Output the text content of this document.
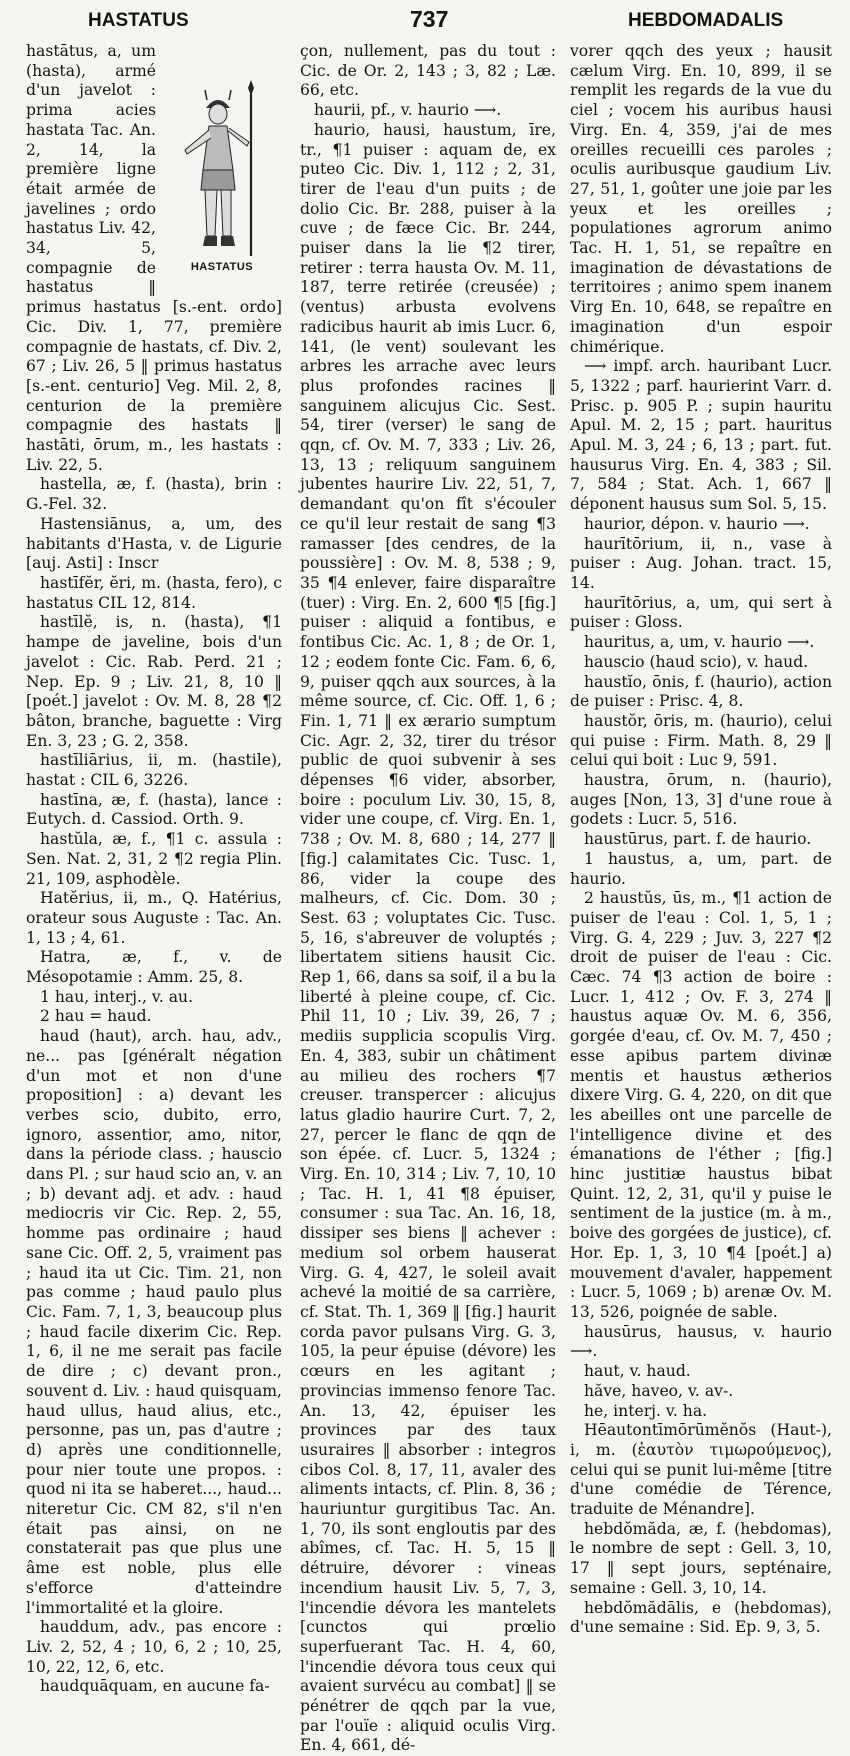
HASTATUS	737	HEBDOMADALIS
HASTATUS

hastātus, a, um (hasta), armé d'un javelot : prima acies hastata Tac. An. 2, 14, la première ligne était armée de javelines ; ordo hastatus Liv. 42, 34, 5, compagnie de hastatus ‖ primus hastatus [s.-ent. ordo] Cic. Div. 1, 77, première compagnie de hastats, cf. Div. 2, 67 ; Liv. 26, 5 ‖ primus hastatus [s.-ent. centurio] Veg. Mil. 2, 8, centurion de la première compagnie des hastats ‖ hastāti, ōrum, m., les hastats : Liv. 22, 5.

hastella, æ, f. (hasta), brin : G.-Fel. 32.

Hastensiānus, a, um, des habitants d'Hasta, v. de Ligurie [auj. Asti] : Inscr

hastīfĕr, ĕri, m. (hasta, fero), c hastatus CIL 12, 814.

hastīlĕ, is, n. (hasta), ¶1 hampe de javeline, bois d'un javelot : Cic. Rab. Perd. 21 ; Nep. Ep. 9 ; Liv. 21, 8, 10 ‖ [poét.] javelot : Ov. M. 8, 28 ¶2 bâton, branche, baguette : Virg En. 3, 23 ; G. 2, 358.

hastīliārius, ii, m. (hastile), hastat : CIL 6, 3226.

hastīna, æ, f. (hasta), lance : Eutych. d. Cassiod. Orth. 9.

hastŭla, æ, f., ¶1 c. assula : Sen. Nat. 2, 31, 2 ¶2 regia Plin. 21, 109, asphodèle.

Hatĕrius, ii, m., Q. Hatérius, orateur sous Auguste : Tac. An. 1, 13 ; 4, 61.

Hatra, æ, f., v. de Mésopotamie : Amm. 25, 8.

1 hau, interj., v. au.

2 hau = haud.

haud (haut), arch. hau, adv., ne... pas [généralt négation d'un mot et non d'une proposition] : a) devant les verbes scio, dubito, erro, ignoro, assentior, amo, nitor, dans la période class. ; hauscio dans Pl. ; sur haud scio an, v. an ; b) devant adj. et adv. : haud mediocris vir Cic. Rep. 2, 55, homme pas ordinaire ; haud sane Cic. Off. 2, 5, vraiment pas ; haud ita ut Cic. Tim. 21, non pas comme ; haud paulo plus Cic. Fam. 7, 1, 3, beaucoup plus ; haud facile dixerim Cic. Rep. 1, 6, il ne me serait pas facile de dire ; c) devant pron., souvent d. Liv. : haud quisquam, haud ullus, haud alius, etc., personne, pas un, pas d'autre ; d) après une conditionnelle, pour nier toute une propos. : quod ni ita se haberet..., haud... niteretur Cic. CM 82, s'il n'en était pas ainsi, on ne constaterait pas que plus une âme est noble, plus elle s'efforce d'atteindre l'immortalité et la gloire.

hauddum, adv., pas encore : Liv. 2, 52, 4 ; 10, 6, 2 ; 10, 25, 10, 22, 12, 6, etc.

haudquāquam, en aucune fa-

çon, nullement, pas du tout : Cic. de Or. 2, 143 ; 3, 82 ; Læ. 66, etc.

haurii, pf., v. haurio ⟶.

haurio, hausi, haustum, īre, tr., ¶1 puiser : aquam de, ex puteo Cic. Div. 1, 112 ; 2, 31, tirer de l'eau d'un puits ; de dolio Cic. Br. 288, puiser à la cuve ; de fæce Cic. Br. 244, puiser dans la lie ¶2 tirer, retirer : terra hausta Ov. M. 11, 187, terre retirée (creusée) ; (ventus) arbusta evolvens radicibus haurit ab imis Lucr. 6, 141, (le vent) soulevant les arbres les arrache avec leurs plus profondes racines ‖ sanguinem alicujus Cic. Sest. 54, tirer (verser) le sang de qqn, cf. Ov. M. 7, 333 ; Liv. 26, 13, 13 ; reliquum sanguinem jubentes haurire Liv. 22, 51, 7, demandant qu'on fît s'écouler ce qu'il leur restait de sang ¶3 ramasser [des cendres, de la poussière] : Ov. M. 8, 538 ; 9, 35 ¶4 enlever, faire disparaître (tuer) : Virg. En. 2, 600 ¶5 [fig.] puiser : aliquid a fontibus, e fontibus Cic. Ac. 1, 8 ; de Or. 1, 12 ; eodem fonte Cic. Fam. 6, 6, 9, puiser qqch aux sources, à la même source, cf. Cic. Off. 1, 6 ; Fin. 1, 71 ‖ ex ærario sumptum Cic. Agr. 2, 32, tirer du trésor public de quoi subvenir à ses dépenses ¶6 vider, absorber, boire : poculum Liv. 30, 15, 8, vider une coupe, cf. Virg. En. 1, 738 ; Ov. M. 8, 680 ; 14, 277 ‖ [fig.] calamitates Cic. Tusc. 1, 86, vider la coupe des malheurs, cf. Cic. Dom. 30 ; Sest. 63 ; voluptates Cic. Tusc. 5, 16, s'abreuver de voluptés ; libertatem sitiens hausit Cic. Rep 1, 66, dans sa soif, il a bu la liberté à pleine coupe, cf. Cic. Phil 11, 10 ; Liv. 39, 26, 7 ; mediis supplicia scopulis Virg. En. 4, 383, subir un châtiment au milieu des rochers ¶7 creuser. transpercer : alicujus latus gladio haurire Curt. 7, 2, 27, percer le flanc de qqn de son épée. cf. Lucr. 5, 1324 ; Virg. En. 10, 314 ; Liv. 7, 10, 10 ; Tac. H. 1, 41 ¶8 épuiser, consumer : sua Tac. An. 16, 18, dissiper ses biens ‖ achever : medium sol orbem hauserat Virg. G. 4, 427, le soleil avait achevé la moitié de sa carrière, cf. Stat. Th. 1, 369 ‖ [fig.] haurit corda pavor pulsans Virg. G. 3, 105, la peur épuise (dévore) les cœurs en les agitant ; provincias immenso fenore Tac. An. 13, 42, épuiser les provinces par des taux usuraires ‖ absorber : integros cibos Col. 8, 17, 11, avaler des aliments intacts, cf. Plin. 8, 36 ; hauriuntur gurgitibus Tac. An. 1, 70, ils sont engloutis par des abîmes, cf. Tac. H. 5, 15 ‖ détruire, dévorer : vineas incendium hausit Liv. 5, 7, 3, l'incendie dévora les mantelets [cunctos qui prœlio superfuerant Tac. H. 4, 60, l'incendie dévora tous ceux qui avaient survécu au combat] ‖ se pénétrer de qqch par la vue, par l'ouïe : aliquid oculis Virg. En. 4, 661, dé-

vorer qqch des yeux ; hausit cælum Virg. En. 10, 899, il se remplit les regards de la vue du ciel ; vocem his auribus hausi Virg. En. 4, 359, j'ai de mes oreilles recueilli ces paroles ; oculis auribusque gaudium Liv. 27, 51, 1, goûter une joie par les yeux et les oreilles ; populationes agrorum animo Tac. H. 1, 51, se repaître en imagination de dévastations de territoires ; animo spem inanem Virg En. 10, 648, se repaître en imagination d'un espoir chimérique.

⟶ impf. arch. hauribant Lucr. 5, 1322 ; parf. haurierint Varr. d. Prisc. p. 905 P. ; supin hauritu Apul. M. 2, 15 ; part. hauritus Apul. M. 3, 24 ; 6, 13 ; part. fut. hausurus Virg. En. 4, 383 ; Sil. 7, 584 ; Stat. Ach. 1, 667 ‖ déponent hausus sum Sol. 5, 15.

haurior, dépon. v. haurio ⟶.

haurītōrium, ii, n., vase à puiser : Aug. Johan. tract. 15, 14.

haurītōrius, a, um, qui sert à puiser : Gloss.

hauritus, a, um, v. haurio ⟶.

hauscio (haud scio), v. haud.

haustĭo, ōnis, f. (haurio), action de puiser : Prisc. 4, 8.

haustŏr, ōris, m. (haurio), celui qui puise : Firm. Math. 8, 29 ‖ celui qui boit : Luc 9, 591.

haustra, ōrum, n. (haurio), auges [Non, 13, 3] d'une roue à godets : Lucr. 5, 516.

haustūrus, part. f. de haurio.

1 haustus, a, um, part. de haurio.

2 haustŭs, ūs, m., ¶1 action de puiser de l'eau : Col. 1, 5, 1 ; Virg. G. 4, 229 ; Juv. 3, 227 ¶2 droit de puiser de l'eau : Cic. Cæc. 74 ¶3 action de boire : Lucr. 1, 412 ; Ov. F. 3, 274 ‖ haustus aquæ Ov. M. 6, 356, gorgée d'eau, cf. Ov. M. 7, 450 ; esse apibus partem divinæ mentis et haustus ætherios dixere Virg. G. 4, 220, on dit que les abeilles ont une parcelle de l'intelligence divine et des émanations de l'éther ; [fig.] hinc justitiæ haustus bibat Quint. 12, 2, 31, qu'il y puise le sentiment de la justice (m. à m., boive des gorgées de justice), cf. Hor. Ep. 1, 3, 10 ¶4 [poét.] a) mouvement d'avaler, happement : Lucr. 5, 1069 ; b) arenæ Ov. M. 13, 526, poignée de sable.

hausūrus, hausus, v. haurio ⟶.

haut, v. haud.

hăve, haveo, v. av-.

he, interj. v. ha.

Hēautontīmōrūmĕnŏs (Haut-), i, m. (ἑαυτὸν τιμωρούμενος), celui qui se punit lui-même [titre d'une comédie de Térence, traduite de Ménandre].

hebdŏmăda, æ, f. (hebdomas), le nombre de sept : Gell. 3, 10, 17 ‖ sept jours, septénaire, semaine : Gell. 3, 10, 14.

hebdŏmădālis, e (hebdomas), d'une semaine : Sid. Ep. 9, 3, 5.
